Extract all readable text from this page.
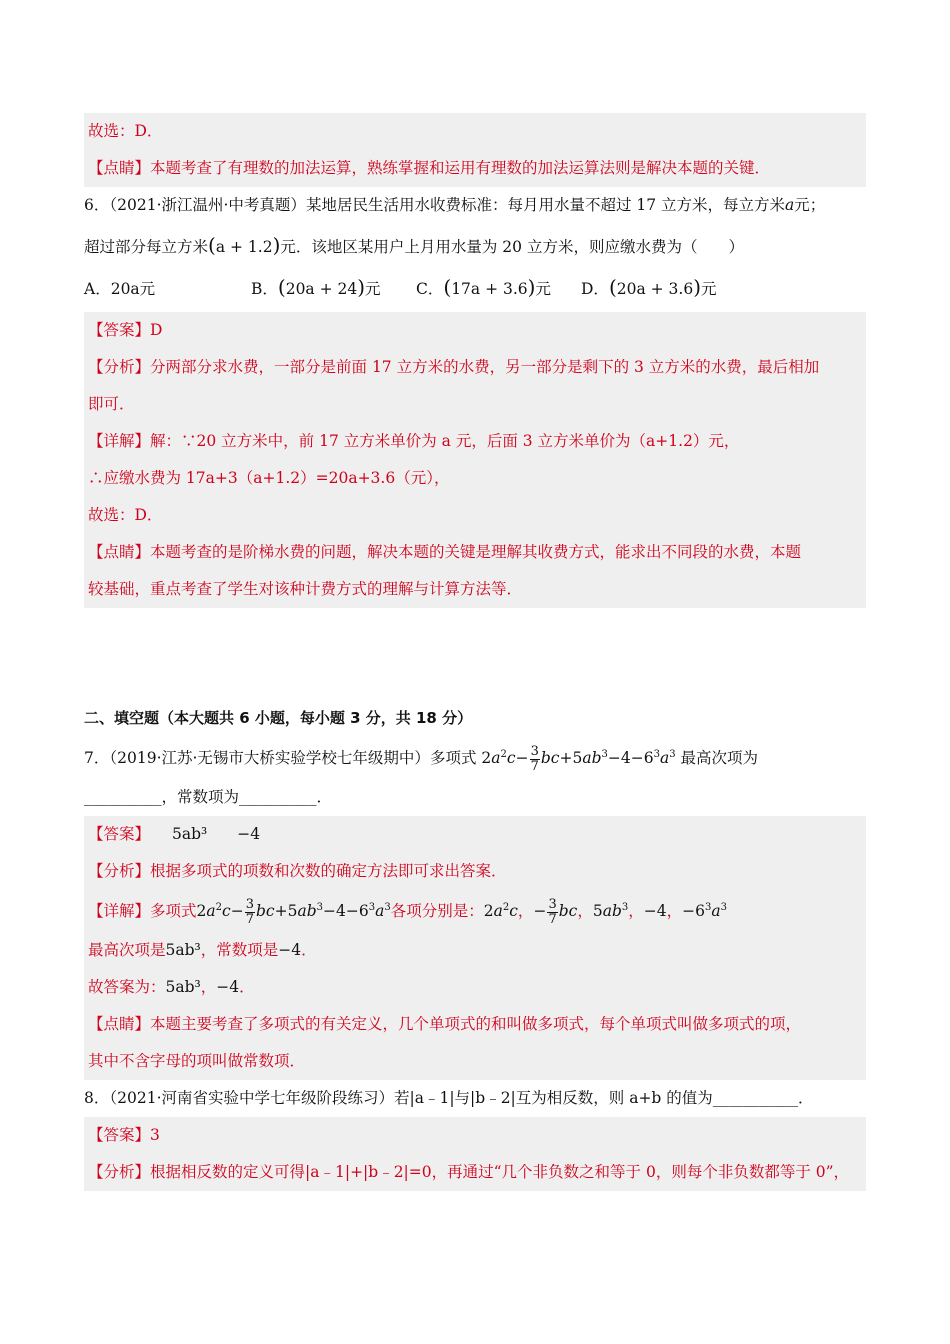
故选：D．
【点睛】本题考查了有理数的加法运算，熟练掌握和运用有理数的加法运算法则是解决本题的关键．
6．（2021·浙江温州·中考真题）某地居民生活用水收费标准：每月用水量不超过 17 立方米，每立方米a元；
超过部分每立方米(a + 1.2)元．该地区某用户上月用水量为 20 立方米，则应缴水费为（　　）
A．20a元	B．(20a + 24)元 C．(17a + 3.6)元 D．(20a + 3.6)元
【答案】D
【分析】分两部分求水费，一部分是前面 17 立方米的水费，另一部分是剩下的 3 立方米的水费，最后相加
即可．
【详解】解：∵20 立方米中，前 17 立方米单价为 a 元，后面 3 立方米单价为（a+1.2）元，
∴应缴水费为 17a+3（a+1.2）=20a+3.6（元），
故选：D．
【点睛】本题考查的是阶梯水费的问题，解决本题的关键是理解其收费方式，能求出不同段的水费，本题
较基础，重点考查了学生对该种计费方式的理解与计算方法等．
二、填空题（本大题共 6 小题，每小题 3 分，共 18 分）
7．（2019·江苏·无锡市大桥实验学校七年级期中）多项式 $2a^2c- \frac{3}{7} bc+5ab^3-4-6^3a^3$ 最高次项为
__________，常数项为__________．
【答案】 5ab³ −4
【分析】根据多项式的项数和次数的确定方法即可求出答案．
【详解】多项式$2a^2c- \frac{3}{7} bc+5ab^3-4-6^3a^3$各项分别是：$2a^2c$，− $\frac{3}{7}$ bc，$5ab^3$，−4，$-6^3a^3$
最高次项是5ab³，常数项是−4．
故答案为：5ab³，−4．
【点睛】本题主要考查了多项式的有关定义，几个单项式的和叫做多项式，每个单项式叫做多项式的项，
其中不含字母的项叫做常数项．
8．（2021·河南省实验中学七年级阶段练习）若|a﹣1|与|b﹣2|互为相反数，则 a+b 的值为___________．
【答案】3
【分析】根据相反数的定义可得|a﹣1|+|b﹣2|=0，再通过“几个非负数之和等于 0，则每个非负数都等于 0”，
